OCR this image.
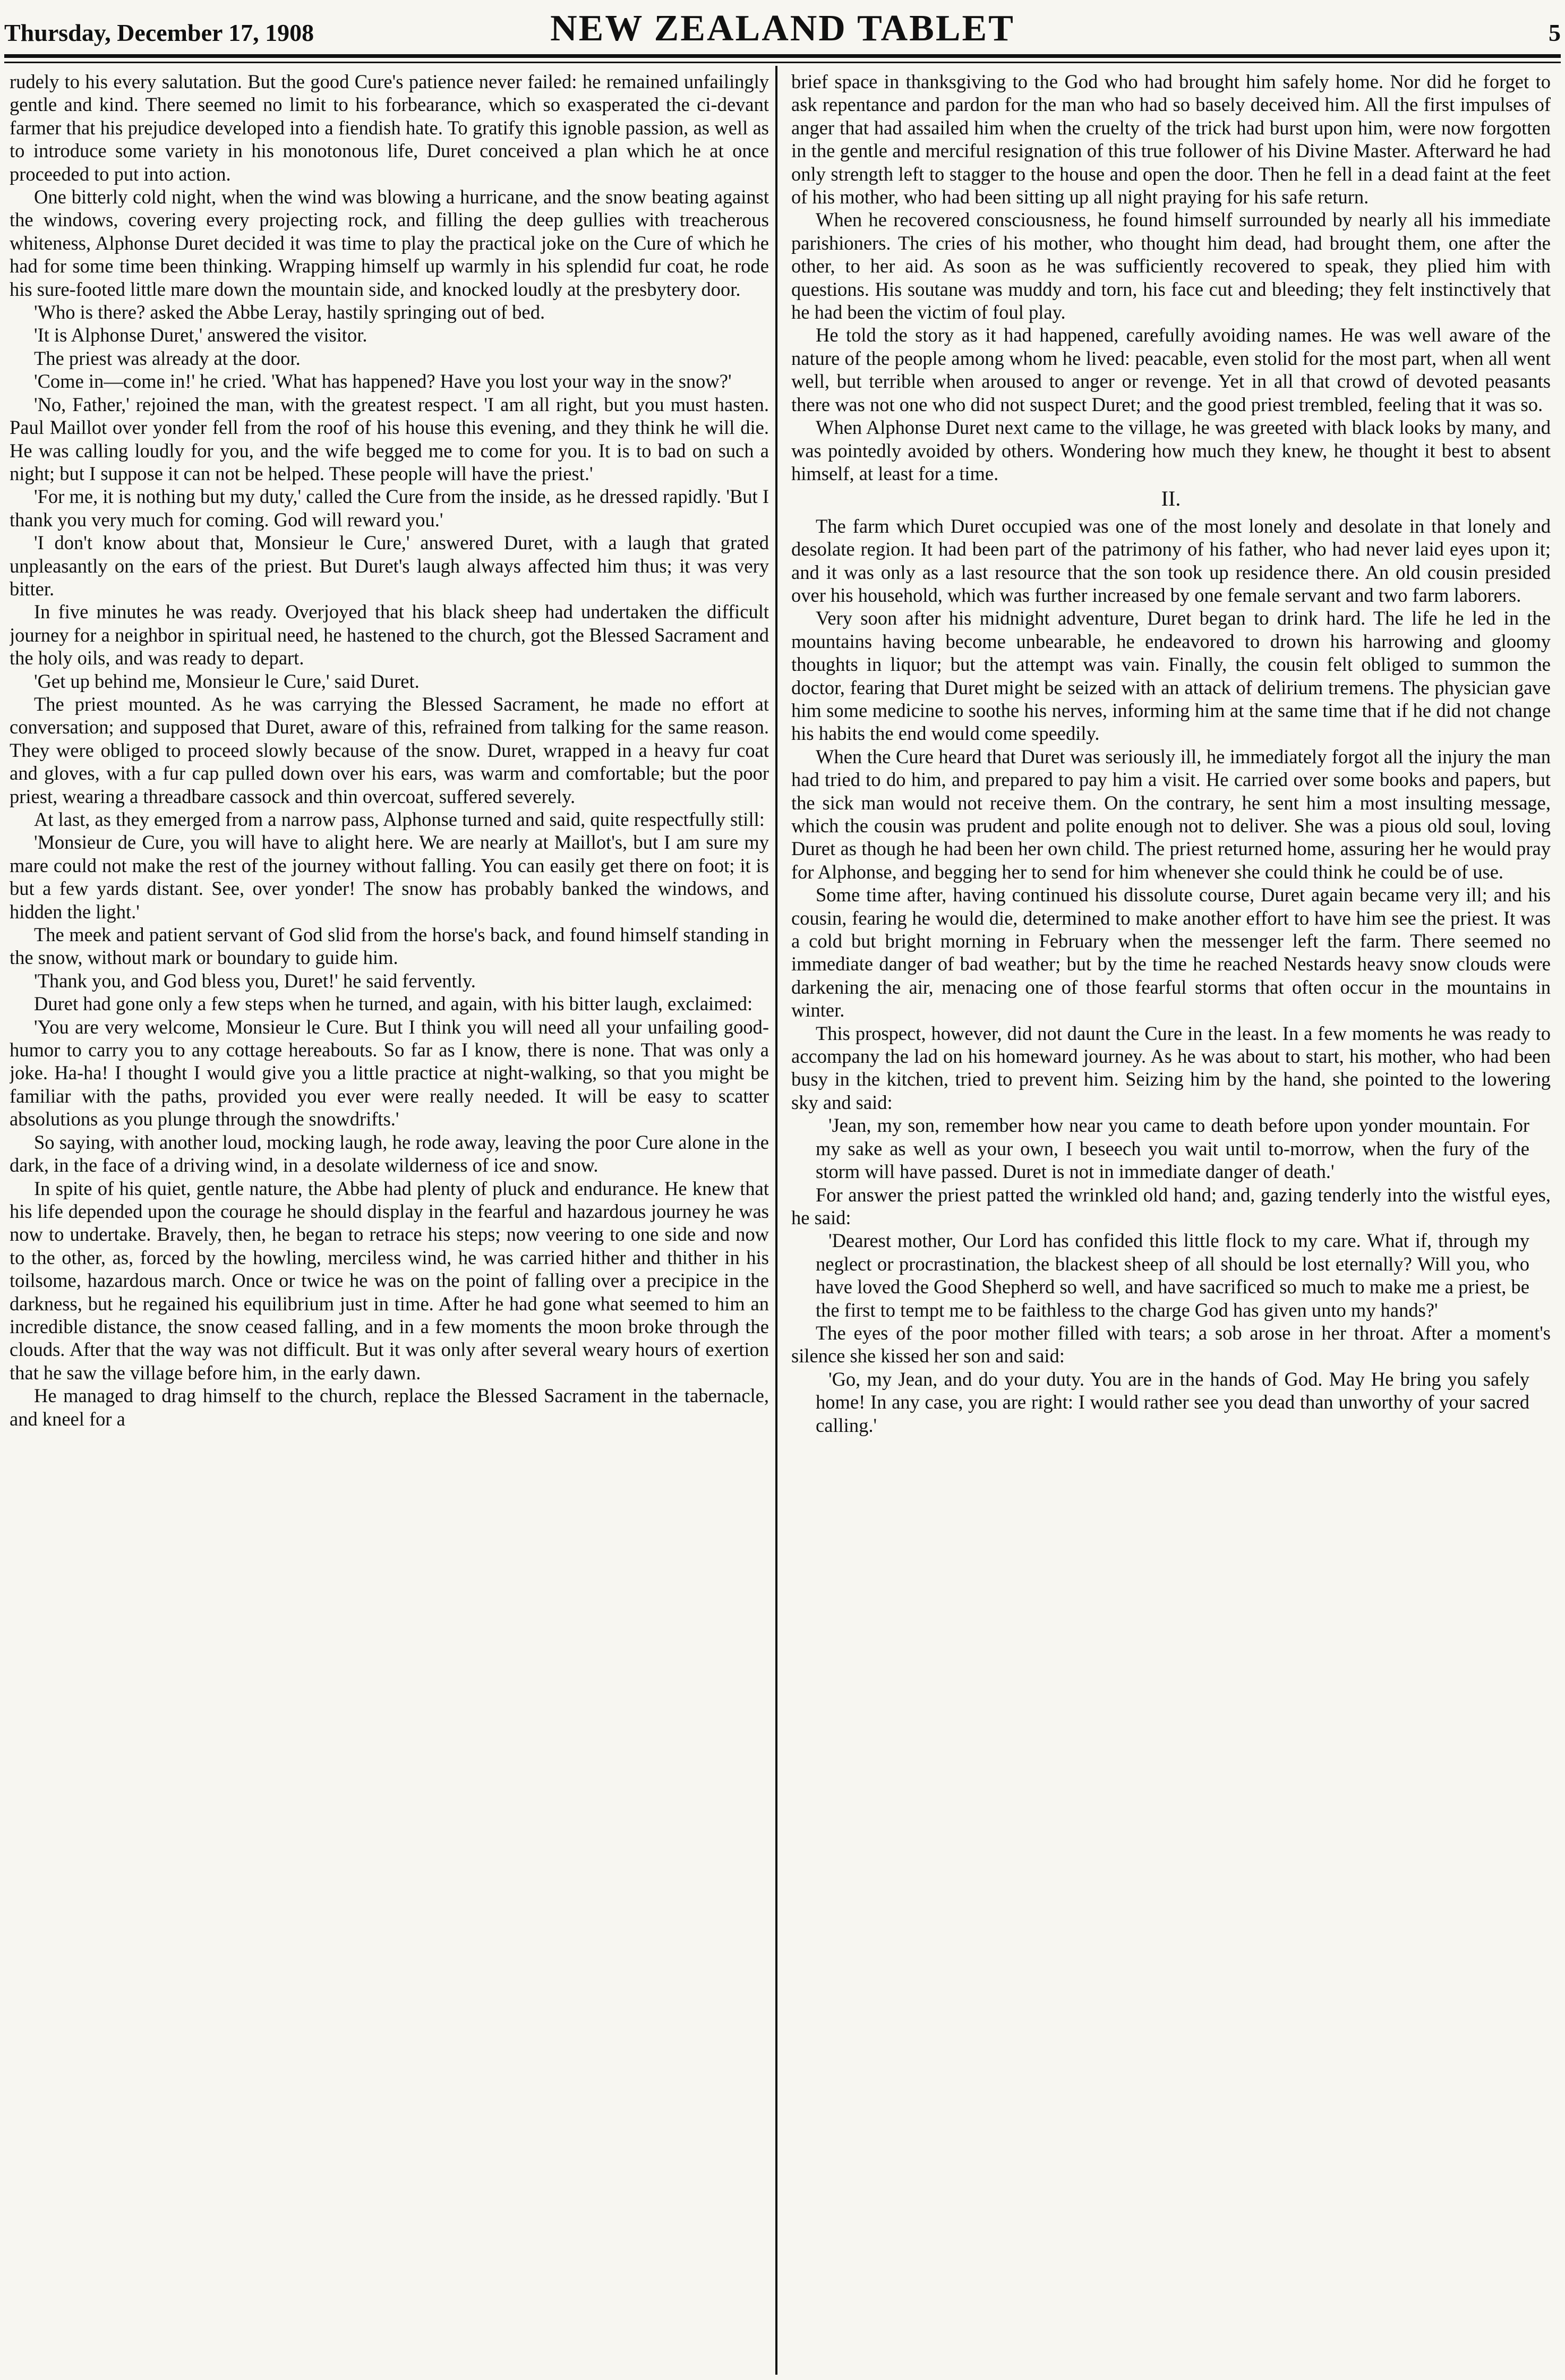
Thursday, December 17, 1908	NEW ZEALAND TABLET	5

rudely to his every salutation. But the good Cure's patience never failed: he remained unfailingly gentle and kind. There seemed no limit to his forbearance, which so exasperated the ci-devant farmer that his prejudice developed into a fiendish hate. To gratify this ignoble passion, as well as to introduce some variety in his monotonous life, Duret conceived a plan which he at once proceeded to put into action.

One bitterly cold night, when the wind was blowing a hurricane, and the snow beating against the windows, covering every projecting rock, and filling the deep gullies with treacherous whiteness, Alphonse Duret decided it was time to play the practical joke on the Cure of which he had for some time been thinking. Wrapping himself up warmly in his splendid fur coat, he rode his sure-footed little mare down the mountain side, and knocked loudly at the presbytery door.

'Who is there? asked the Abbe Leray, hastily springing out of bed.

'It is Alphonse Duret,' answered the visitor.

The priest was already at the door.

'Come in—come in!' he cried. 'What has happened? Have you lost your way in the snow?'

'No, Father,' rejoined the man, with the greatest respect. 'I am all right, but you must hasten. Paul Maillot over yonder fell from the roof of his house this evening, and they think he will die. He was calling loudly for you, and the wife begged me to come for you. It is to bad on such a night; but I suppose it can not be helped. These people will have the priest.'

'For me, it is nothing but my duty,' called the Cure from the inside, as he dressed rapidly. 'But I thank you very much for coming. God will reward you.'

'I don't know about that, Monsieur le Cure,' answered Duret, with a laugh that grated unpleasantly on the ears of the priest. But Duret's laugh always affected him thus; it was very bitter.

In five minutes he was ready. Overjoyed that his black sheep had undertaken the difficult journey for a neighbor in spiritual need, he hastened to the church, got the Blessed Sacrament and the holy oils, and was ready to depart.

'Get up behind me, Monsieur le Cure,' said Duret.

The priest mounted. As he was carrying the Blessed Sacrament, he made no effort at conversation; and supposed that Duret, aware of this, refrained from talking for the same reason. They were obliged to proceed slowly because of the snow. Duret, wrapped in a heavy fur coat and gloves, with a fur cap pulled down over his ears, was warm and comfortable; but the poor priest, wearing a threadbare cassock and thin overcoat, suffered severely.

At last, as they emerged from a narrow pass, Alphonse turned and said, quite respectfully still:

'Monsieur de Cure, you will have to alight here. We are nearly at Maillot's, but I am sure my mare could not make the rest of the journey without falling. You can easily get there on foot; it is but a few yards distant. See, over yonder! The snow has probably banked the windows, and hidden the light.'

The meek and patient servant of God slid from the horse's back, and found himself standing in the snow, without mark or boundary to guide him.

'Thank you, and God bless you, Duret!' he said fervently.

Duret had gone only a few steps when he turned, and again, with his bitter laugh, exclaimed:

'You are very welcome, Monsieur le Cure. But I think you will need all your unfailing good-humor to carry you to any cottage hereabouts. So far as I know, there is none. That was only a joke. Ha-ha! I thought I would give you a little practice at night-walking, so that you might be familiar with the paths, provided you ever were really needed. It will be easy to scatter absolutions as you plunge through the snowdrifts.'

So saying, with another loud, mocking laugh, he rode away, leaving the poor Cure alone in the dark, in the face of a driving wind, in a desolate wilderness of ice and snow.

In spite of his quiet, gentle nature, the Abbe had plenty of pluck and endurance. He knew that his life depended upon the courage he should display in the fearful and hazardous journey he was now to undertake. Bravely, then, he began to retrace his steps; now veering to one side and now to the other, as, forced by the howling, merciless wind, he was carried hither and thither in his toilsome, hazardous march. Once or twice he was on the point of falling over a precipice in the darkness, but he regained his equilibrium just in time. After he had gone what seemed to him an incredible distance, the snow ceased falling, and in a few moments the moon broke through the clouds. After that the way was not difficult. But it was only after several weary hours of exertion that he saw the village before him, in the early dawn.

He managed to drag himself to the church, replace the Blessed Sacrament in the tabernacle, and kneel for a

brief space in thanksgiving to the God who had brought him safely home. Nor did he forget to ask repentance and pardon for the man who had so basely deceived him. All the first impulses of anger that had assailed him when the cruelty of the trick had burst upon him, were now forgotten in the gentle and merciful resignation of this true follower of his Divine Master. Afterward he had only strength left to stagger to the house and open the door. Then he fell in a dead faint at the feet of his mother, who had been sitting up all night praying for his safe return.

When he recovered consciousness, he found himself surrounded by nearly all his immediate parishioners. The cries of his mother, who thought him dead, had brought them, one after the other, to her aid. As soon as he was sufficiently recovered to speak, they plied him with questions. His soutane was muddy and torn, his face cut and bleeding; they felt instinctively that he had been the victim of foul play.

He told the story as it had happened, carefully avoiding names. He was well aware of the nature of the people among whom he lived: peacable, even stolid for the most part, when all went well, but terrible when aroused to anger or revenge. Yet in all that crowd of devoted peasants there was not one who did not suspect Duret; and the good priest trembled, feeling that it was so.

When Alphonse Duret next came to the village, he was greeted with black looks by many, and was pointedly avoided by others. Wondering how much they knew, he thought it best to absent himself, at least for a time.

II.

The farm which Duret occupied was one of the most lonely and desolate in that lonely and desolate region. It had been part of the patrimony of his father, who had never laid eyes upon it; and it was only as a last resource that the son took up residence there. An old cousin presided over his household, which was further increased by one female servant and two farm laborers.

Very soon after his midnight adventure, Duret began to drink hard. The life he led in the mountains having become unbearable, he endeavored to drown his harrowing and gloomy thoughts in liquor; but the attempt was vain. Finally, the cousin felt obliged to summon the doctor, fearing that Duret might be seized with an attack of delirium tremens. The physician gave him some medicine to soothe his nerves, informing him at the same time that if he did not change his habits the end would come speedily.

When the Cure heard that Duret was seriously ill, he immediately forgot all the injury the man had tried to do him, and prepared to pay him a visit. He carried over some books and papers, but the sick man would not receive them. On the contrary, he sent him a most insulting message, which the cousin was prudent and polite enough not to deliver. She was a pious old soul, loving Duret as though he had been her own child. The priest returned home, assuring her he would pray for Alphonse, and begging her to send for him whenever she could think he could be of use.

Some time after, having continued his dissolute course, Duret again became very ill; and his cousin, fearing he would die, determined to make another effort to have him see the priest. It was a cold but bright morning in February when the messenger left the farm. There seemed no immediate danger of bad weather; but by the time he reached Nestards heavy snow clouds were darkening the air, menacing one of those fearful storms that often occur in the mountains in winter.

This prospect, however, did not daunt the Cure in the least. In a few moments he was ready to accompany the lad on his homeward journey. As he was about to start, his mother, who had been busy in the kitchen, tried to prevent him. Seizing him by the hand, she pointed to the lowering sky and said:

'Jean, my son, remember how near you came to death before upon yonder mountain. For my sake as well as your own, I beseech you wait until to-morrow, when the fury of the storm will have passed. Duret is not in immediate danger of death.'

For answer the priest patted the wrinkled old hand; and, gazing tenderly into the wistful eyes, he said:

'Dearest mother, Our Lord has confided this little flock to my care. What if, through my neglect or procrastination, the blackest sheep of all should be lost eternally? Will you, who have loved the Good Shepherd so well, and have sacrificed so much to make me a priest, be the first to tempt me to be faithless to the charge God has given unto my hands?'

The eyes of the poor mother filled with tears; a sob arose in her throat. After a moment's silence she kissed her son and said:

'Go, my Jean, and do your duty. You are in the hands of God. May He bring you safely home! In any case, you are right: I would rather see you dead than unworthy of your sacred calling.'
